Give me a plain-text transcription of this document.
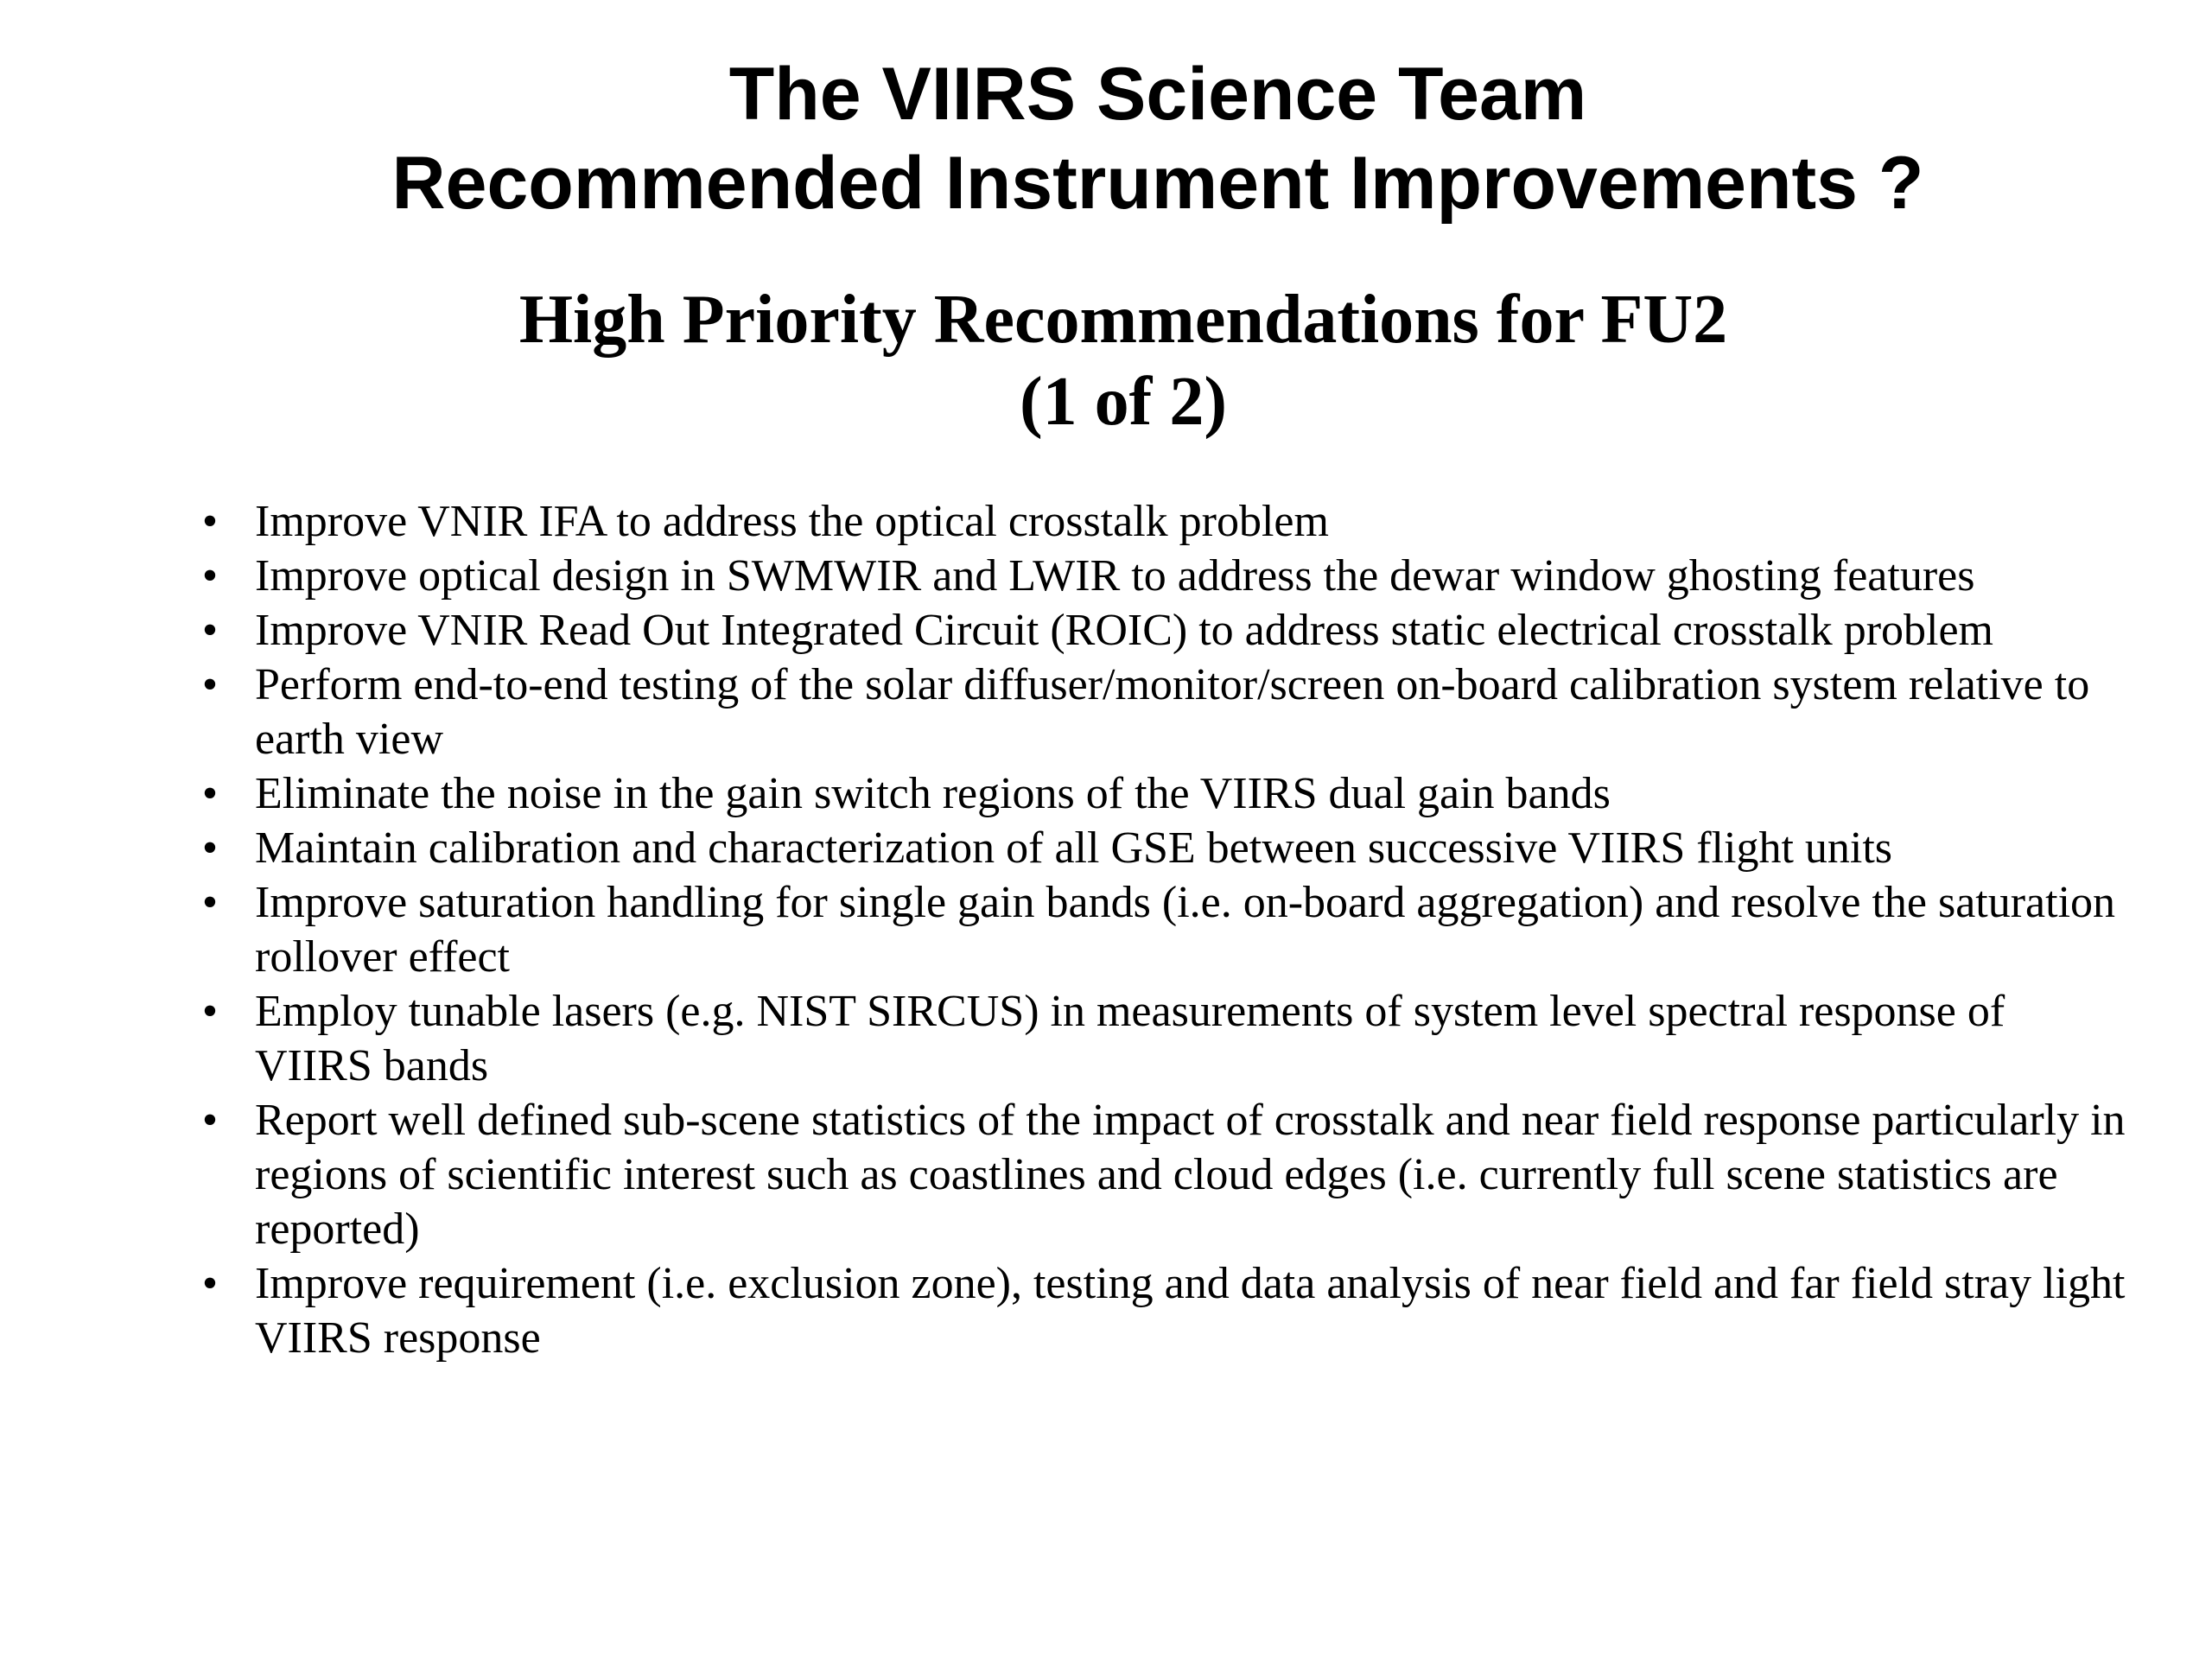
The VIIRS Science Team
Recommended Instrument Improvements ?
High Priority Recommendations for FU2
(1 of 2)
• Improve VNIR IFA to address the optical crosstalk problem
• Improve optical design in SWMWIR and LWIR to address the dewar window ghosting features
• Improve VNIR Read Out Integrated Circuit (ROIC) to address static electrical crosstalk problem
• Perform end-to-end testing of the solar diffuser/monitor/screen on-board calibration system relative to earth view
• Eliminate the noise in the gain switch regions of the VIIRS dual gain bands
• Maintain calibration and characterization of all GSE between successive VIIRS flight units
• Improve saturation handling for single gain bands (i.e. on-board aggregation) and resolve the saturation rollover effect
• Employ tunable lasers (e.g. NIST SIRCUS) in measurements of system level spectral response of VIIRS bands
• Report well defined sub-scene statistics of the impact of crosstalk and near field response particularly in regions of scientific interest such as coastlines and cloud edges (i.e. currently full scene statistics are reported)
• Improve requirement (i.e. exclusion zone), testing and data analysis of near field and far field stray light VIIRS response
